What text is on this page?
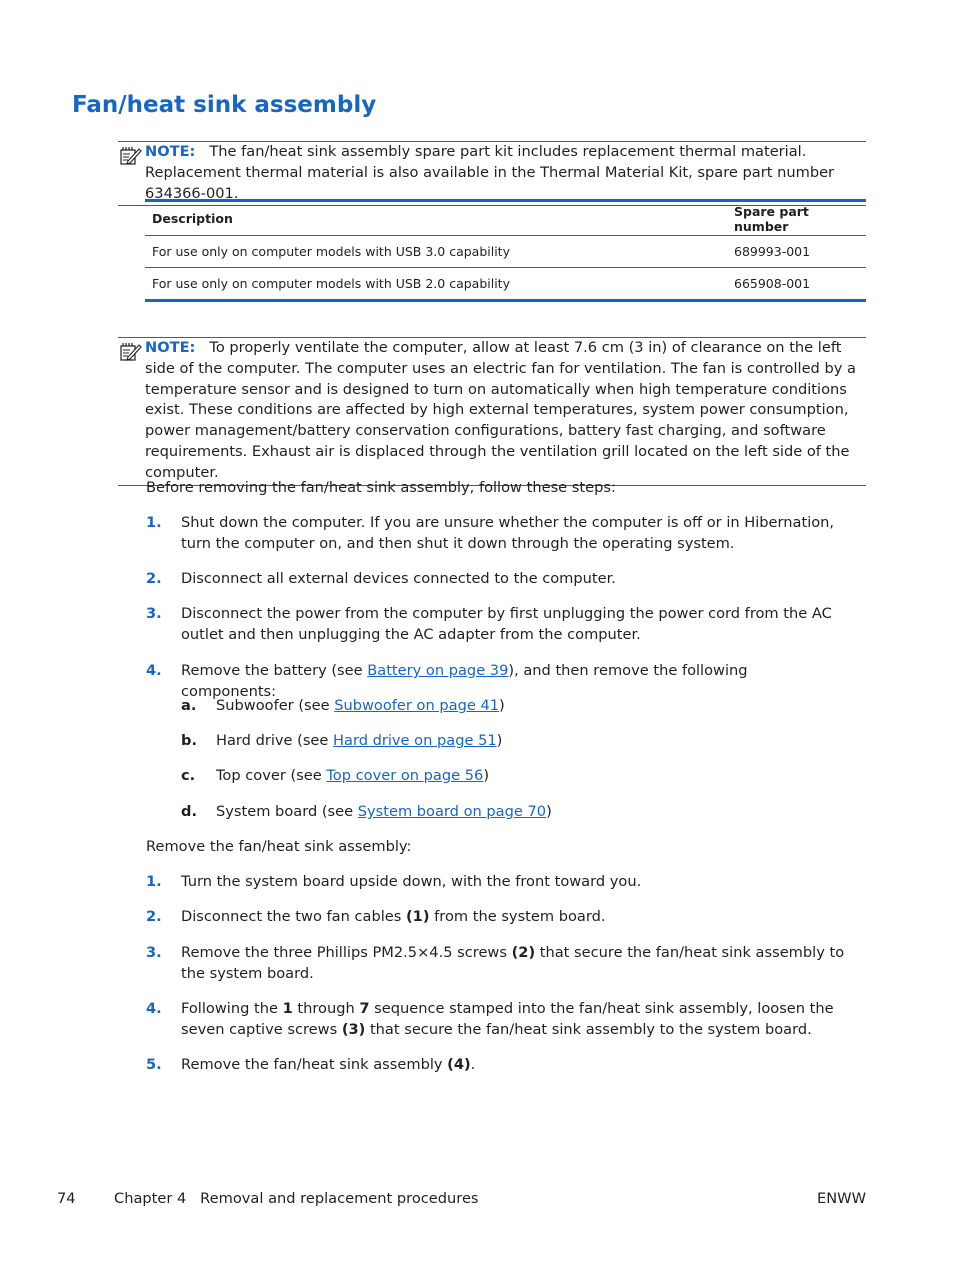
Fan/heat sink assembly
NOTE: The fan/heat sink assembly spare part kit includes replacement thermal material. Replacement thermal material is also available in the Thermal Material Kit, spare part number 634366-001.
Description	Spare part number
For use only on computer models with USB 3.0 capability	689993-001
For use only on computer models with USB 2.0 capability	665908-001
NOTE: To properly ventilate the computer, allow at least 7.6 cm (3 in) of clearance on the left side of the computer. The computer uses an electric fan for ventilation. The fan is controlled by a temperature sensor and is designed to turn on automatically when high temperature conditions exist. These conditions are affected by high external temperatures, system power consumption, power management/battery conservation configurations, battery fast charging, and software requirements. Exhaust air is displaced through the ventilation grill located on the left side of the computer.

Before removing the fan/heat sink assembly, follow these steps:

1. Shut down the computer. If you are unsure whether the computer is off or in Hibernation, turn the computer on, and then shut it down through the operating system.
2. Disconnect all external devices connected to the computer.
3. Disconnect the power from the computer by first unplugging the power cord from the AC outlet and then unplugging the AC adapter from the computer.
4. Remove the battery (see Battery on page 39), and then remove the following components:
a. Subwoofer (see Subwoofer on page 41)
b. Hard drive (see Hard drive on page 51)
c. Top cover (see Top cover on page 56)
d. System board (see System board on page 70)

Remove the fan/heat sink assembly:

1. Turn the system board upside down, with the front toward you.
2. Disconnect the two fan cables (1) from the system board.
3. Remove the three Phillips PM2.5×4.5 screws (2) that secure the fan/heat sink assembly to the system board.
4. Following the 1 through 7 sequence stamped into the fan/heat sink assembly, loosen the seven captive screws (3) that secure the fan/heat sink assembly to the system board.
5. Remove the fan/heat sink assembly (4).
74	Chapter 4   Removal and replacement procedures	ENWW
